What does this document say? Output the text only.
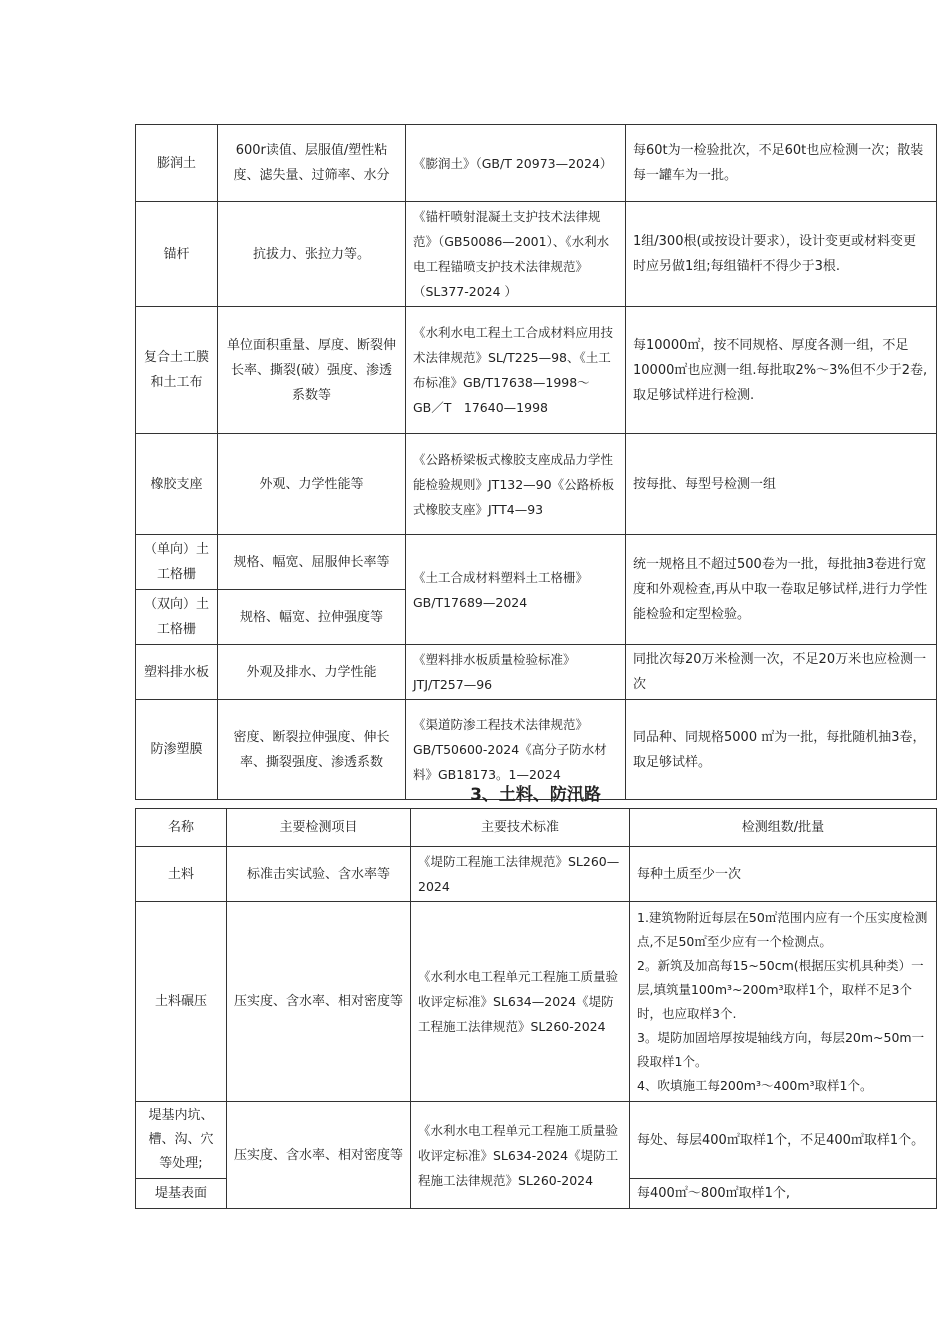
膨润土	600r读值、层服值/塑性粘度、滤失量、过筛率、水分	《膨润土》（GB/T 20973—2024）	每60t为一检验批次，不足60t也应检测一次；散装每一罐车为一批。
锚杆	抗拔力、张拉力等。	《锚杆喷射混凝土支护技术法律规范》（GB50086—2001）、《水利水电工程锚喷支护技术法律规范》（SL377-2024 ）	1组/300根(或按设计要求），设计变更或材料变更时应另做1组;每组锚杆不得少于3根.
复合土工膜和土工布	单位面积重量、厚度、断裂伸长率、撕裂(破）强度、渗透系数等	《水利水电工程土工合成材料应用技术法律规范》SL/T225—98、《土工布标准》GB/T17638—1998～　GB／T　17640—1998	每10000㎡，按不同规格、厚度各测一组，不足10000㎡也应测一组.每批取2%～3%但不少于2卷,取足够试样进行检测.
橡胶支座	外观、力学性能等	《公路桥梁板式橡胶支座成品力学性能检验规则》JT132—90《公路桥板式橡胶支座》JTT4—93	按每批、每型号检测一组
（单向）土工格栅	规格、幅宽、屈服伸长率等	《土工合成材料塑料土工格栅》GB/T17689—2024	统一规格且不超过500卷为一批，每批抽3卷进行宽度和外观检查,再从中取一卷取足够试样,进行力学性能检验和定型检验。
（双向）土工格栅	规格、幅宽、拉伸强度等		
塑料排水板	外观及排水、力学性能	《塑料排水板质量检验标准》JTJ/T257—96	同批次每20万米检测一次，不足20万米也应检测一次
防渗塑膜	密度、断裂拉伸强度、伸长率、撕裂强度、渗透系数	《渠道防渗工程技术法律规范》GB/T50600-2024《高分子防水材料》GB18173。1—2024	同品种、同规格5000 ㎡为一批，每批随机抽3卷，取足够试样。
3、土料、防汛路
名称	主要检测项目	主要技术标准	检测组数/批量
土料	标准击实试验、含水率等	《堤防工程施工法律规范》SL260—2024	每种土质至少一次
土料碾压	压实度、含水率、相对密度等	《水利水电工程单元工程施工质量验收评定标准》SL634—2024《堤防工程施工法律规范》SL260-2024	1.建筑物附近每层在50㎡范围内应有一个压实度检测点,不足50㎡至少应有一个检测点。
2。新筑及加高每15~50cm(根据压实机具种类）一层,填筑量100m³~200m³取样1个，取样不足3个时，也应取样3个.
3。堤防加固培厚按堤轴线方向，每层20m~50m一段取样1个。
4、吹填施工每200m³～400m³取样1个。

堤基内坑、槽、沟、穴等处理;	压实度、含水率、相对密度等	《水利水电工程单元工程施工质量验收评定标准》SL634-2024《堤防工程施工法律规范》SL260-2024	每处、每层400㎡取样1个，不足400㎡取样1个。
堤基表面			每400㎡～800㎡取样1个,
